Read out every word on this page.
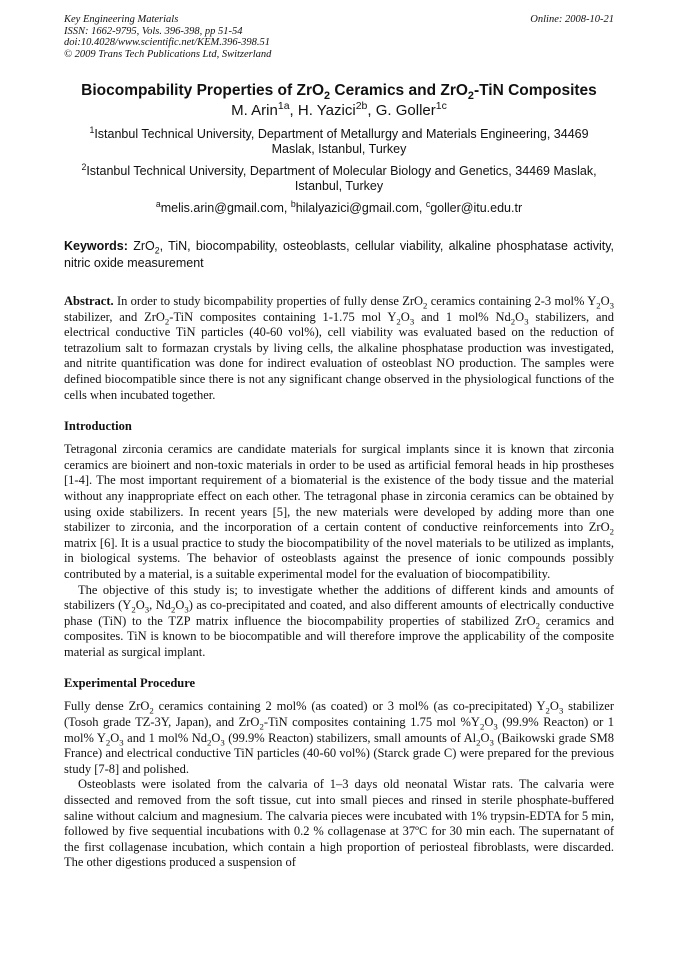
Key Engineering Materials
ISSN: 1662-9795, Vols. 396-398, pp 51-54
doi:10.4028/www.scientific.net/KEM.396-398.51
© 2009 Trans Tech Publications Ltd, Switzerland
Online: 2008-10-21
Biocompability Properties of ZrO$_2$ Ceramics and ZrO$_2$-TiN Composites
M. Arin$^{1a}$, H. Yazici$^{2b}$, G. Goller$^{1c}$
$^1$Istanbul Technical University, Department of Metallurgy and Materials Engineering, 34469 Maslak, Istanbul, Turkey
$^2$Istanbul Technical University, Department of Molecular Biology and Genetics, 34469 Maslak, Istanbul, Turkey
$^a$melis.arin@gmail.com, $^b$hilalyazici@gmail.com, $^c$goller@itu.edu.tr
Keywords: ZrO$_2$, TiN, biocompability, osteoblasts, cellular viability, alkaline phosphatase activity, nitric oxide measurement
Abstract. In order to study bicompability properties of fully dense ZrO$_2$ ceramics containing 2-3 mol% $Y_2O_3$ stabilizer, and ZrO$_2$-TiN composites containing 1-1.75 mol $Y_2O_3$ and 1 mol% $Nd_2O_3$ stabilizers, and electrical conductive TiN particles (40-60 vol%), cell viability was evaluated based on the reduction of tetrazolium salt to formazan crystals by living cells, the alkaline phosphatase production was investigated, and nitrite quantification was done for indirect evaluation of osteoblast NO production. The samples were defined biocompatible since there is not any significant change observed in the physiological functions of the cells when incubated together.
Introduction
Tetragonal zirconia ceramics are candidate materials for surgical implants since it is known that zirconia ceramics are bioinert and non-toxic materials in order to be used as artificial femoral heads in hip prostheses [1-4]. The most important requirement of a biomaterial is the existence of the body tissue and the material without any inappropriate effect on each other. The tetragonal phase in zirconia ceramics can be obtained by using oxide stabilizers. In recent years [5], the new materials were developed by adding more than one stabilizer to zirconia, and the incorporation of a certain content of conductive reinforcements into ZrO$_2$ matrix [6]. It is a usual practice to study the biocompatibility of the novel materials to be utilized as implants, in biological systems. The behavior of osteoblasts against the presence of ionic compounds possibly contributed by a material, is a suitable experimental model for the evaluation of biocompatibility.
The objective of this study is; to investigate whether the additions of different kinds and amounts of stabilizers ($Y_2O_3$, $Nd_2O_3$) as co-precipitated and coated, and also different amounts of electrically conductive phase (TiN) to the TZP matrix influence the biocompability properties of stabilized ZrO$_2$ ceramics and composites. TiN is known to be biocompatible and will therefore improve the applicability of the composite material as surgical implant.
Experimental Procedure
Fully dense ZrO$_2$ ceramics containing 2 mol% (as coated) or 3 mol% (as co-precipitated) $Y_2O_3$ stabilizer (Tosoh grade TZ-3Y, Japan), and ZrO$_2$-TiN composites containing 1.75 mol $\%Y_2O_3$ (99.9% Reacton) or 1 mol% $Y_2O_3$ and 1 mol% $Nd_2O_3$ (99.9% Reacton) stabilizers, small amounts of $Al_2O_3$ (Baikowski grade SM8 France) and electrical conductive TiN particles (40-60 vol%) (Starck grade C) were prepared for the previous study [7-8] and polished.
Osteoblasts were isolated from the calvaria of 1–3 days old neonatal Wistar rats. The calvaria were dissected and removed from the soft tissue, cut into small pieces and rinsed in sterile phosphate-buffered saline without calcium and magnesium. The calvaria pieces were incubated with 1% trypsin-EDTA for 5 min, followed by five sequential incubations with 0.2 % collagenase at 37ºC for 30 min each. The supernatant of the first collagenase incubation, which contain a high proportion of periosteal fibroblasts, were discarded. The other digestions produced a suspension of
